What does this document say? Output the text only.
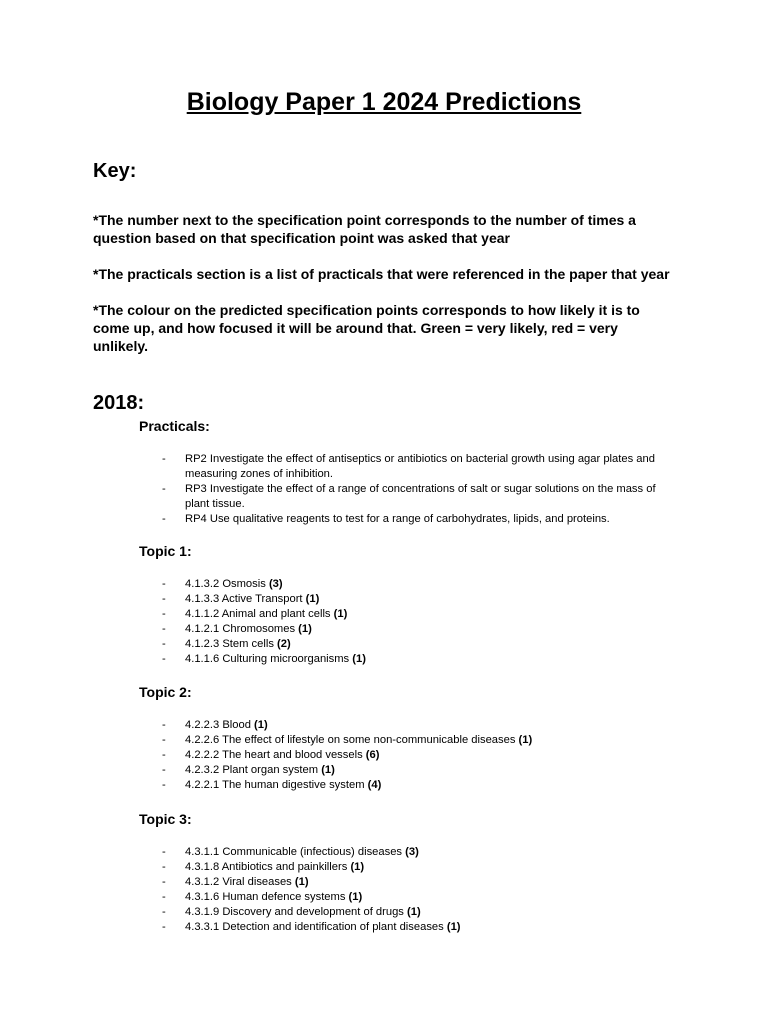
Biology Paper 1 2024 Predictions
Key:
*The number next to the specification point corresponds to the number of times a question based on that specification point was asked that year
*The practicals section is a list of practicals that were referenced in the paper that year
*The colour on the predicted specification points corresponds to how likely it is to come up, and how focused it will be around that. Green = very likely, red = very unlikely.
2018:
Practicals:
- RP2 Investigate the effect of antiseptics or antibiotics on bacterial growth using agar plates and measuring zones of inhibition.
- RP3 Investigate the effect of a range of concentrations of salt or sugar solutions on the mass of plant tissue.
- RP4 Use qualitative reagents to test for a range of carbohydrates, lipids, and proteins.
Topic 1:
- 4.1.3.2 Osmosis (3)
- 4.1.3.3 Active Transport (1)
- 4.1.1.2 Animal and plant cells (1)
- 4.1.2.1 Chromosomes (1)
- 4.1.2.3 Stem cells (2)
- 4.1.1.6 Culturing microorganisms (1)
Topic 2:
- 4.2.2.3 Blood (1)
- 4.2.2.6 The effect of lifestyle on some non-communicable diseases (1)
- 4.2.2.2 The heart and blood vessels (6)
- 4.2.3.2 Plant organ system (1)
- 4.2.2.1 The human digestive system (4)
Topic 3:
- 4.3.1.1 Communicable (infectious) diseases (3)
- 4.3.1.8 Antibiotics and painkillers (1)
- 4.3.1.2 Viral diseases (1)
- 4.3.1.6 Human defence systems (1)
- 4.3.1.9 Discovery and development of drugs (1)
- 4.3.3.1 Detection and identification of plant diseases (1)
